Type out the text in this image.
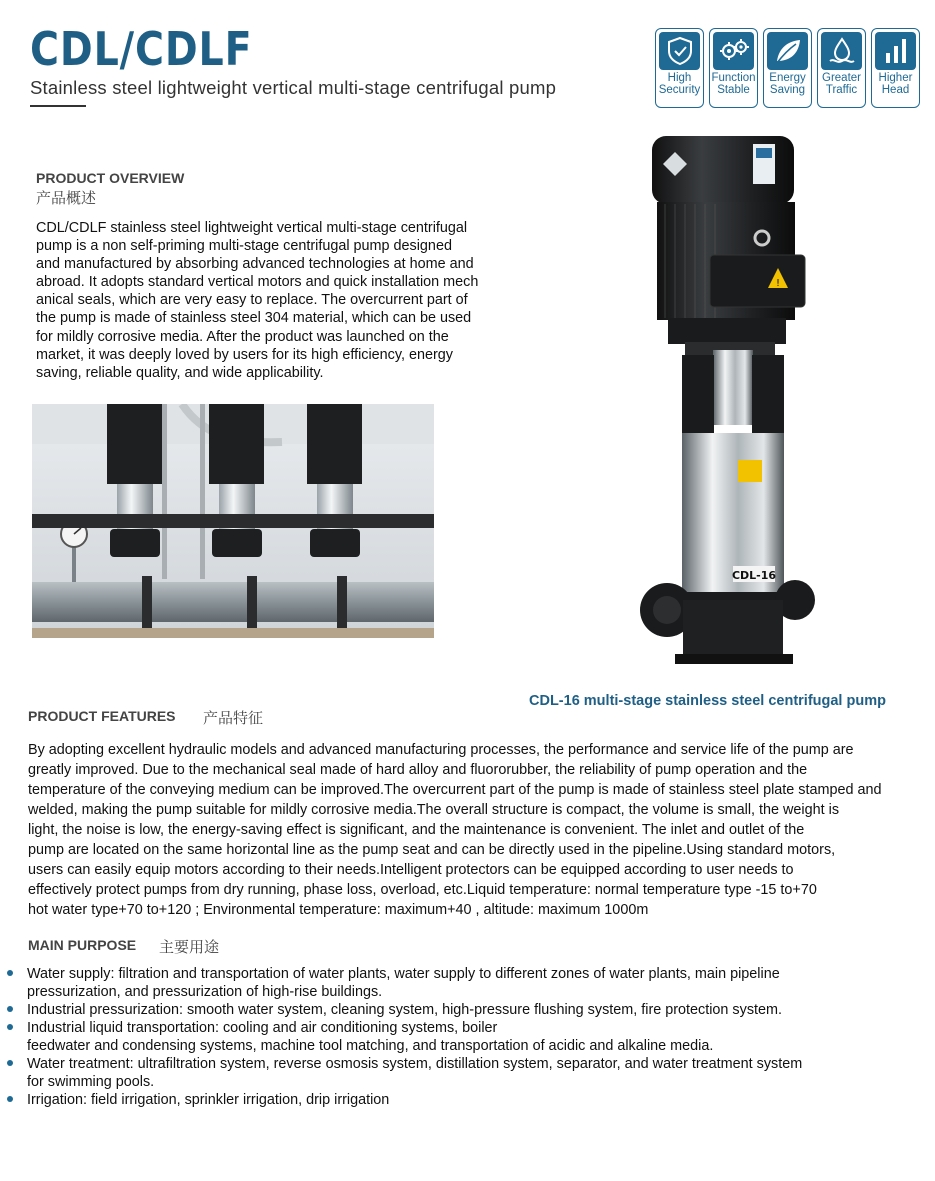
CDL/CDLF
Stainless steel lightweight vertical multi-stage centrifugal pump	High
Security
Function
Stable
Energy
Saving
Greater
Traffic
Higher
Head
PRODUCT OVERVIEW
产品概述
CDL/CDLF stainless steel lightweight vertical multi-stage centrifugal
pump is a non self-priming multi-stage centrifugal pump designed
and manufactured by absorbing advanced technologies at home and
abroad. It adopts standard vertical motors and quick installation mech
anical seals, which are very easy to replace. The overcurrent part of
the pump is made of stainless steel 304 material, which can be used
for mildly corrosive media. After the product was launched on the
market, it was deeply loved by users for its high efficiency, energy
saving, reliable quality, and wide applicability.
!
CDL-16
CDL-16 multi-stage stainless steel centrifugal pump
PRODUCT FEATURES 产品特征
By adopting excellent hydraulic models and advanced manufacturing processes, the performance and service life of the pump are
greatly improved. Due to the mechanical seal made of hard alloy and fluororubber, the reliability of pump operation and the
temperature of the conveying medium can be improved.The overcurrent part of the pump is made of stainless steel plate stamped and
welded, making the pump suitable for mildly corrosive media.The overall structure is compact, the volume is small, the weight is
light, the noise is low, the energy-saving effect is significant, and the maintenance is convenient. The inlet and outlet of the
pump are located on the same horizontal line as the pump seat and can be directly used in the pipeline.Using standard motors,
users can easily equip motors according to their needs.Intelligent protectors can be equipped according to user needs to
effectively protect pumps from dry running, phase loss, overload, etc.Liquid temperature: normal temperature type -15 to+70
hot water type+70 to+120 ; Environmental temperature: maximum+40 , altitude: maximum 1000m
MAIN PURPOSE 主要用途
Water supply: filtration and transportation of water plants, water supply to different zones of water plants, main pipeline
pressurization, and pressurization of high-rise buildings.
Industrial pressurization: smooth water system, cleaning system, high-pressure flushing system, fire protection system.
Industrial liquid transportation: cooling and air conditioning systems, boiler
feedwater and condensing systems, machine tool matching, and transportation of acidic and alkaline media.
Water treatment: ultrafiltration system, reverse osmosis system, distillation system, separator, and water treatment system
for swimming pools.
Irrigation: field irrigation, sprinkler irrigation, drip irrigation
